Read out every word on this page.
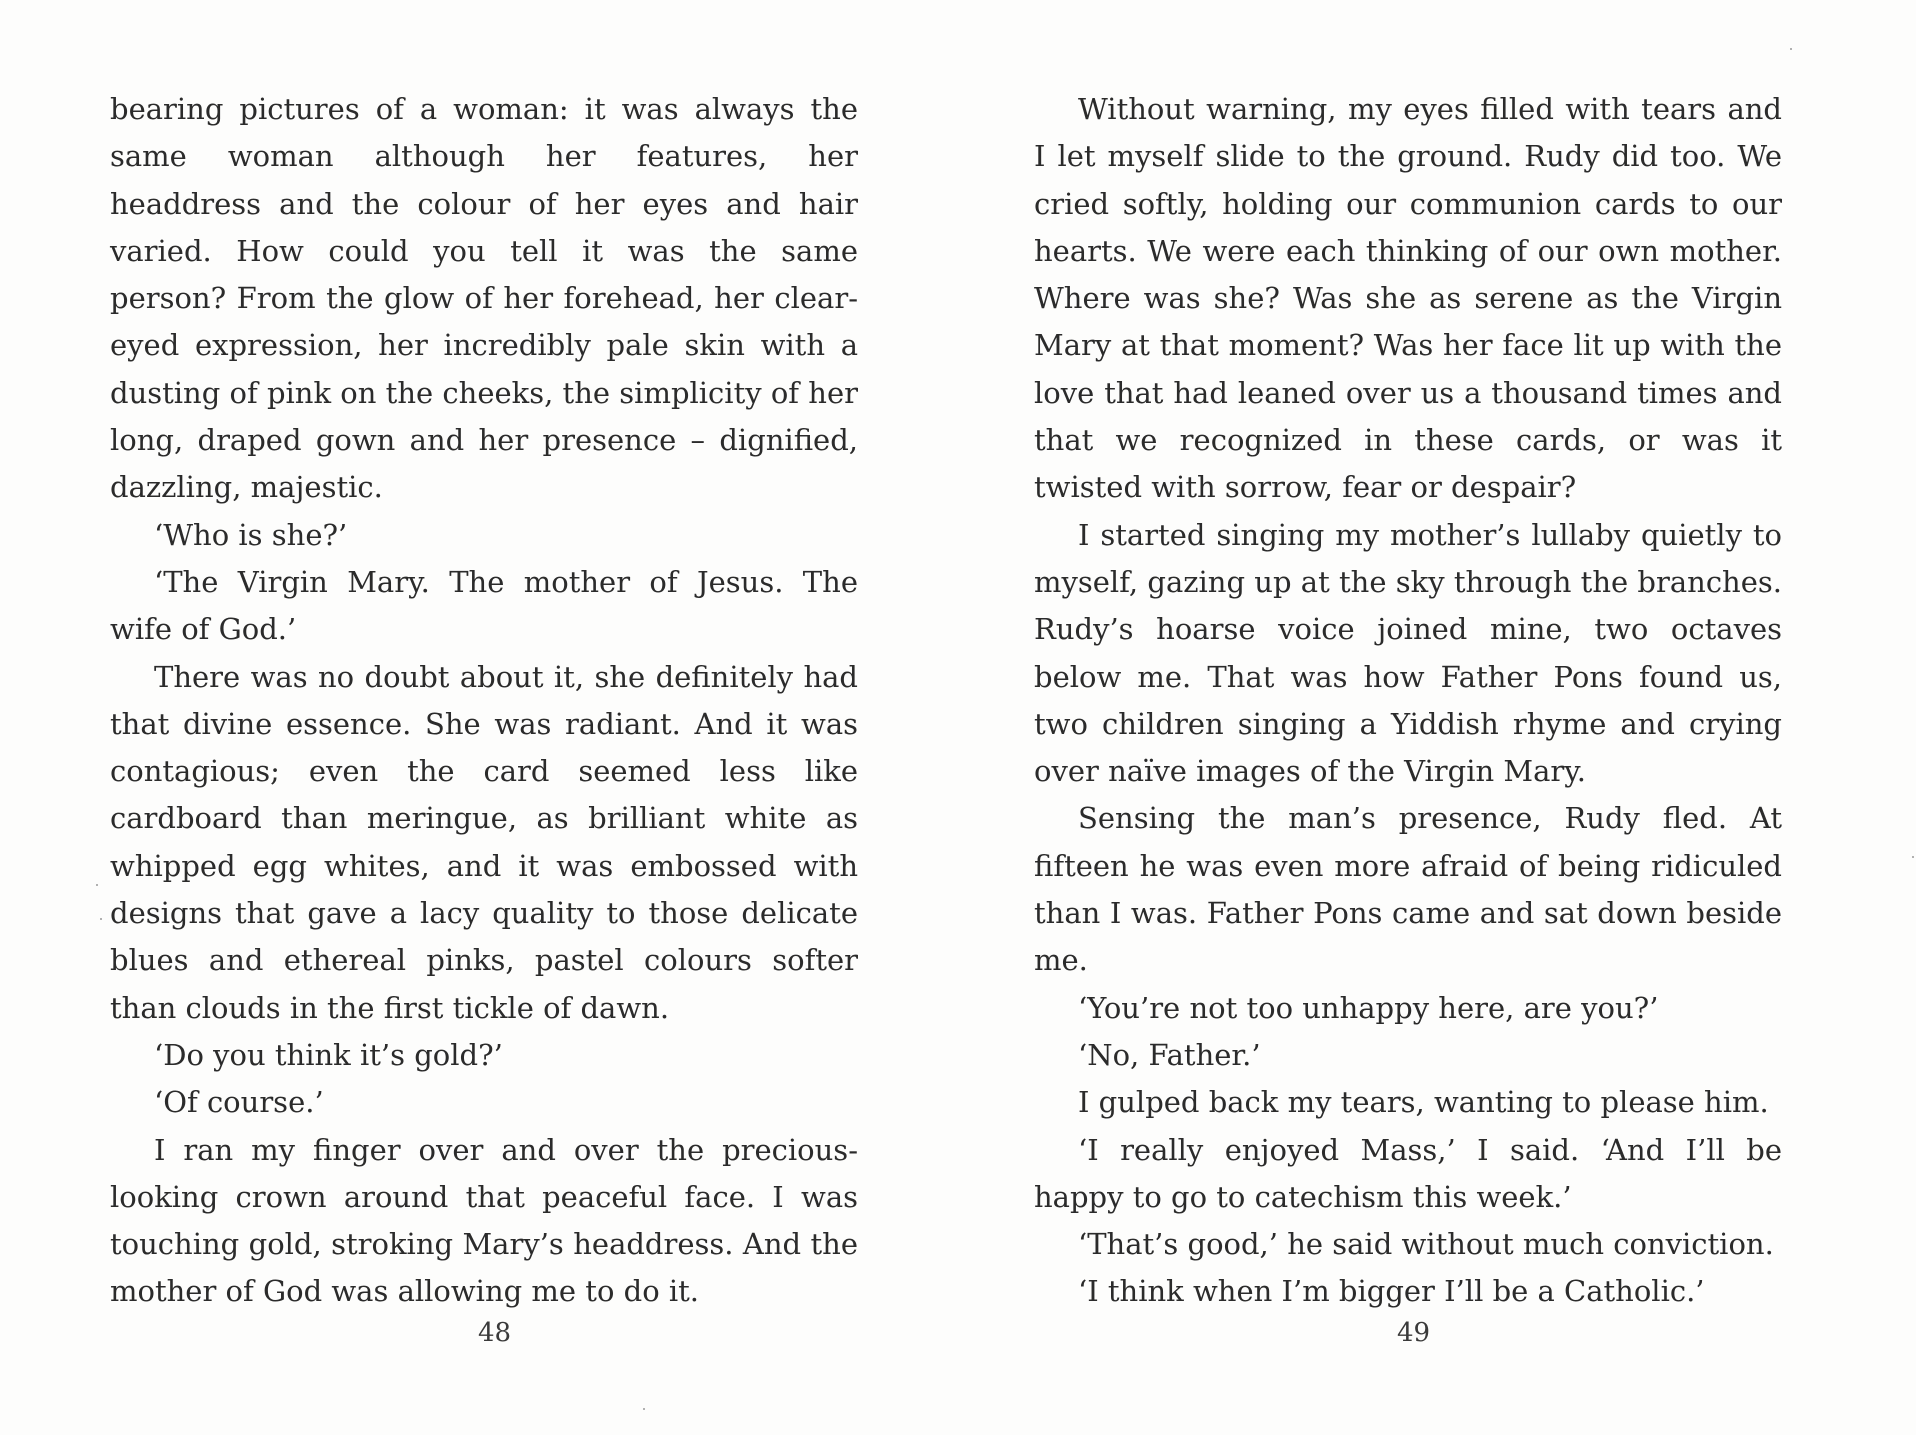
bearing pictures of a woman: it was always the same woman although her features, her headdress and the colour of her eyes and hair varied. How could you tell it was the same person? From the glow of her forehead, her clear-eyed expression, her incredibly pale skin with a dusting of pink on the cheeks, the simplicity of her long, draped gown and her presence – dignified, dazzling, majestic.

‘Who is she?’

‘The Virgin Mary. The mother of Jesus. The wife of God.’

There was no doubt about it, she definitely had that divine essence. She was radiant. And it was contagious; even the card seemed less like cardboard than meringue, as brilliant white as whipped egg whites, and it was embossed with designs that gave a lacy quality to those delicate blues and ethereal pinks, pastel colours softer than clouds in the first tickle of dawn.

‘Do you think it’s gold?’

‘Of course.’

I ran my finger over and over the precious-looking crown around that peaceful face. I was touching gold, stroking Mary’s headdress. And the mother of God was allowing me to do it.

48

Without warning, my eyes filled with tears and I let myself slide to the ground. Rudy did too. We cried softly, holding our communion cards to our hearts. We were each thinking of our own mother. Where was she? Was she as serene as the Virgin Mary at that moment? Was her face lit up with the love that had leaned over us a thousand times and that we recognized in these cards, or was it twisted with sorrow, fear or despair?

I started singing my mother’s lullaby quietly to myself, gazing up at the sky through the branches. Rudy’s hoarse voice joined mine, two octaves below me. That was how Father Pons found us, two children singing a Yiddish rhyme and crying over naïve images of the Virgin Mary.

Sensing the man’s presence, Rudy fled. At fifteen he was even more afraid of being ridiculed than I was. Father Pons came and sat down beside me.

‘You’re not too unhappy here, are you?’

‘No, Father.’

I gulped back my tears, wanting to please him.

‘I really enjoyed Mass,’ I said. ‘And I’ll be happy to go to catechism this week.’

‘That’s good,’ he said without much conviction.

‘I think when I’m bigger I’ll be a Catholic.’

49
